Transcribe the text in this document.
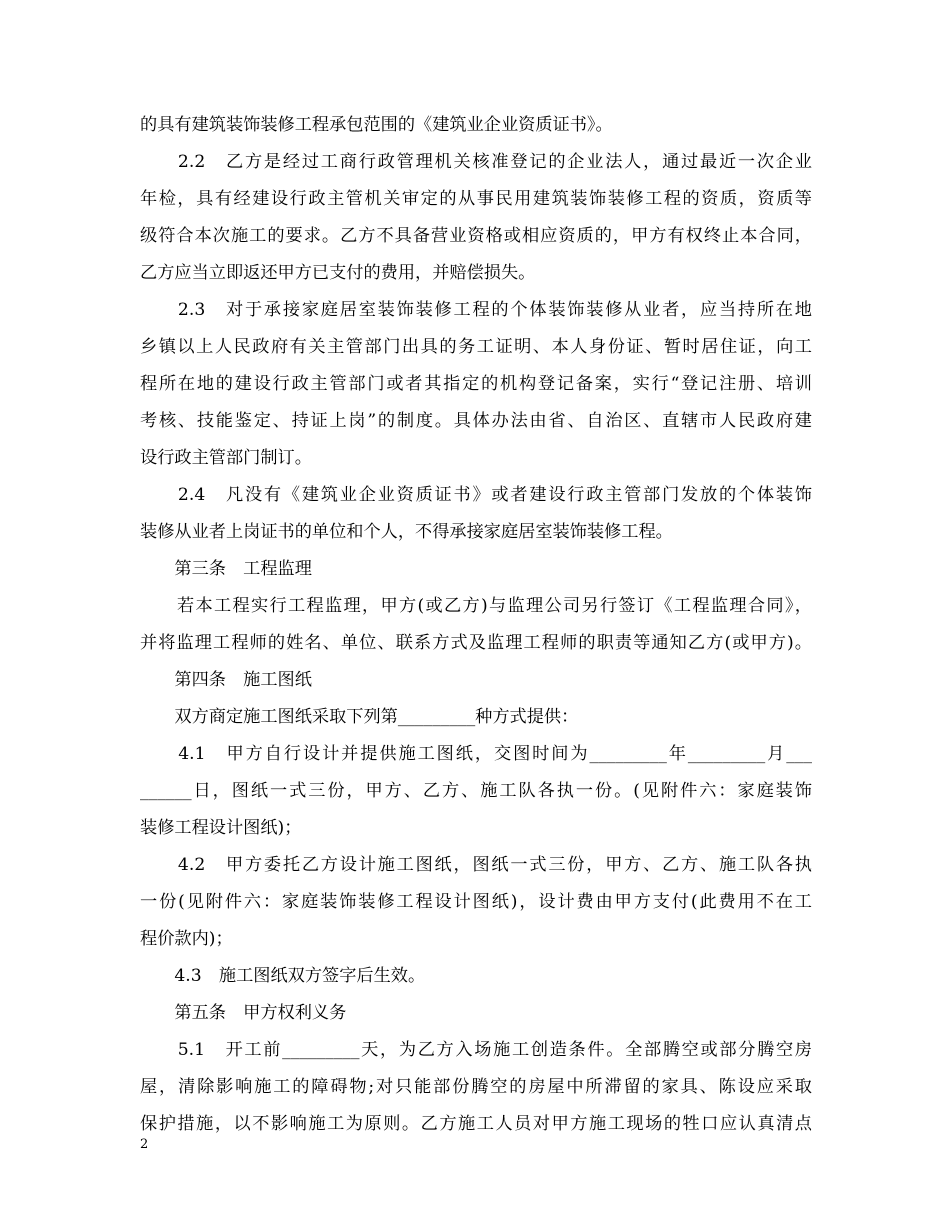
的具有建筑装饰装修工程承包范围的《建筑业企业资质证书》。
　　2.2　乙方是经过工商行政管理机关核准登记的企业法人，通过最近一次企业
年检，具有经建设行政主管机关审定的从事民用建筑装饰装修工程的资质，资质等
级符合本次施工的要求。乙方不具备营业资格或相应资质的，甲方有权终止本合同，
乙方应当立即返还甲方已支付的费用，并赔偿损失。
　　2.3　对于承接家庭居室装饰装修工程的个体装饰装修从业者，应当持所在地
乡镇以上人民政府有关主管部门出具的务工证明、本人身份证、暂时居住证，向工
程所在地的建设行政主管部门或者其指定的机构登记备案，实行“登记注册、培训
考核、技能鉴定、持证上岗”的制度。具体办法由省、自治区、直辖市人民政府建
设行政主管部门制订。
　　2.4　凡没有《建筑业企业资质证书》或者建设行政主管部门发放的个体装饰
装修从业者上岗证书的单位和个人，不得承接家庭居室装饰装修工程。
　　第三条　工程监理
　　若本工程实行工程监理，甲方(或乙方)与监理公司另行签订《工程监理合同》，
并将监理工程师的姓名、单位、联系方式及监理工程师的职责等通知乙方(或甲方)。
　　第四条　施工图纸
　　双方商定施工图纸采取下列第_________种方式提供：
　　4.1　甲方自行设计并提供施工图纸，交图时间为_________年_________月___
______日，图纸一式三份，甲方、乙方、施工队各执一份。(见附件六：家庭装饰
装修工程设计图纸)；
　　4.2　甲方委托乙方设计施工图纸，图纸一式三份，甲方、乙方、施工队各执
一份(见附件六：家庭装饰装修工程设计图纸)，设计费由甲方支付(此费用不在工
程价款内)；
　　4.3　施工图纸双方签字后生效。
　　第五条　甲方权利义务
　　5.1　开工前_________天，为乙方入场施工创造条件。全部腾空或部分腾空房
屋，清除影响施工的障碍物;对只能部份腾空的房屋中所滞留的家具、陈设应采取
保护措施，以不影响施工为原则。乙方施工人员对甲方施工现场的牲口应认真清点
2
